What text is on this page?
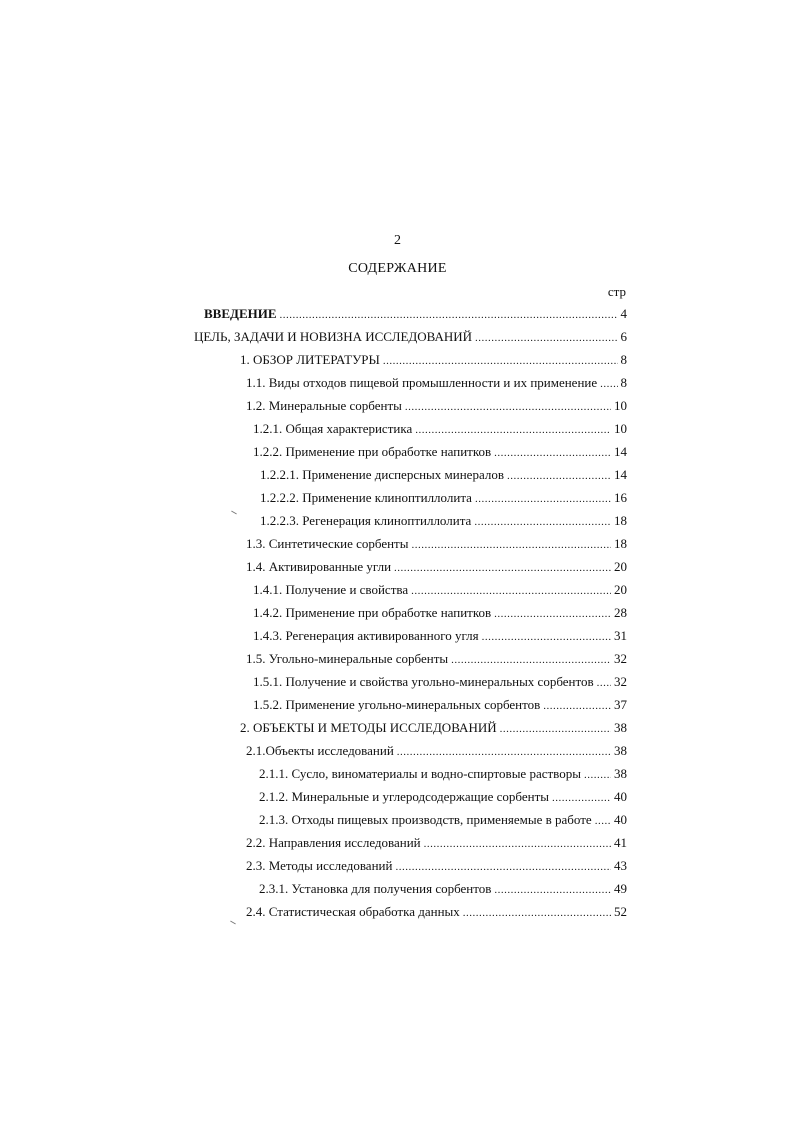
2
СОДЕРЖАНИЕ
стр
ВВЕДЕНИЕ .....	4
ЦЕЛЬ, ЗАДАЧИ И НОВИЗНА ИССЛЕДОВАНИЙ .....	6
1. ОБЗОР ЛИТЕРАТУРЫ .....	8
1.1. Виды отходов пищевой промышленности и их применение ..... 8
1.2. Минеральные сорбенты .....	10
1.2.1. Общая характеристика .....	10
1.2.2. Применение при обработке напитков .....	14
1.2.2.1. Применение дисперсных минералов .....	14
1.2.2.2. Применение клиноптиллолита .....	16
1.2.2.3. Регенерация клиноптиллолита .....	18
1.3. Синтетические сорбенты .....	18
1.4. Активированные угли .....	20
1.4.1. Получение и свойства .....	20
1.4.2. Применение при обработке напитков .....	28
1.4.3. Регенерация активированного угля .....	31
1.5. Угольно-минеральные сорбенты .....	32
1.5.1. Получение и свойства угольно-минеральных сорбентов ..... 32
1.5.2. Применение угольно-минеральных сорбентов .....	37
2. ОБЪЕКТЫ И МЕТОДЫ ИССЛЕДОВАНИЙ .....	38
2.1.Объекты исследований .....	38
2.1.1. Сусло, виноматериалы и водно-спиртовые растворы .....	38
2.1.2. Минеральные и углеродсодержащие сорбенты .....	40
2.1.3. Отходы пищевых производств, применяемые в работе ..... 40
2.2. Направления исследований .....	41
2.3. Методы исследований .....	43
2.3.1. Установка для получения сорбентов .....	49
2.4. Статистическая обработка данных .....	52
